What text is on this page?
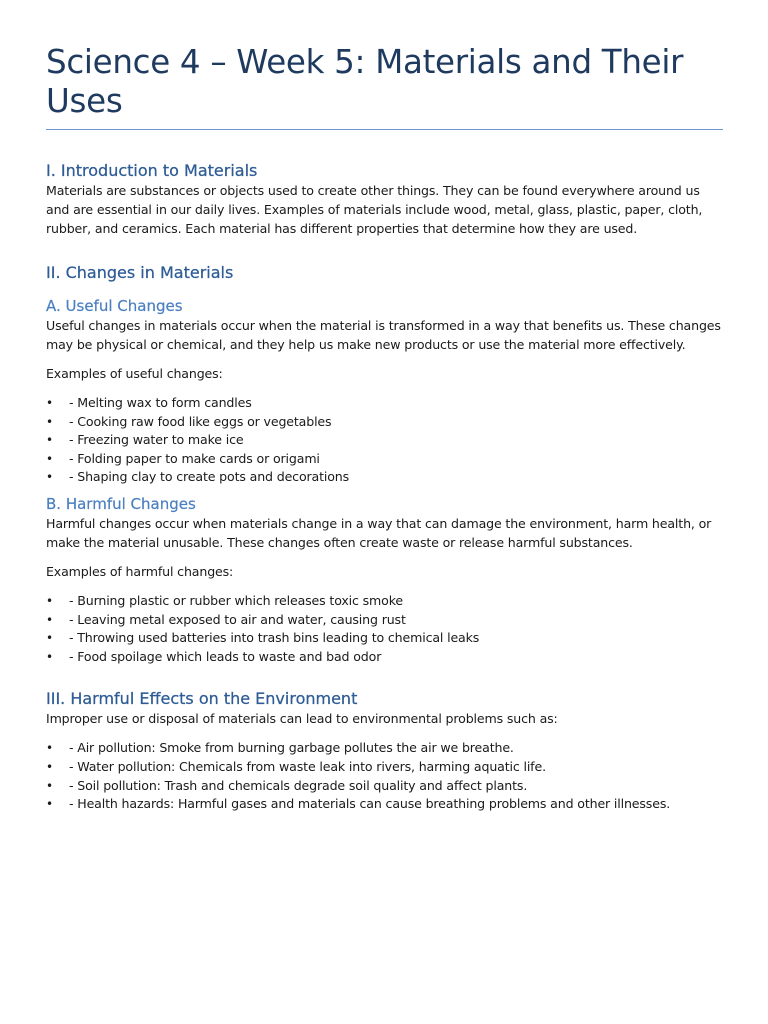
Science 4 – Week 5: Materials and Their Uses
I. Introduction to Materials

Materials are substances or objects used to create other things. They can be found everywhere around us and are essential in our daily lives. Examples of materials include wood, metal, glass, plastic, paper, cloth, rubber, and ceramics. Each material has different properties that determine how they are used.

II. Changes in Materials
A. Useful Changes

Useful changes in materials occur when the material is transformed in a way that benefits us. These changes may be physical or chemical, and they help us make new products or use the material more effectively.

Examples of useful changes:

• - Melting wax to form candles
• - Cooking raw food like eggs or vegetables
• - Freezing water to make ice
• - Folding paper to make cards or origami
• - Shaping clay to create pots and decorations
B. Harmful Changes

Harmful changes occur when materials change in a way that can damage the environment, harm health, or make the material unusable. These changes often create waste or release harmful substances.

Examples of harmful changes:

• - Burning plastic or rubber which releases toxic smoke
• - Leaving metal exposed to air and water, causing rust
• - Throwing used batteries into trash bins leading to chemical leaks
• - Food spoilage which leads to waste and bad odor
III. Harmful Effects on the Environment

Improper use or disposal of materials can lead to environmental problems such as:

• - Air pollution: Smoke from burning garbage pollutes the air we breathe.
• - Water pollution: Chemicals from waste leak into rivers, harming aquatic life.
• - Soil pollution: Trash and chemicals degrade soil quality and affect plants.
• - Health hazards: Harmful gases and materials can cause breathing problems and other illnesses.
